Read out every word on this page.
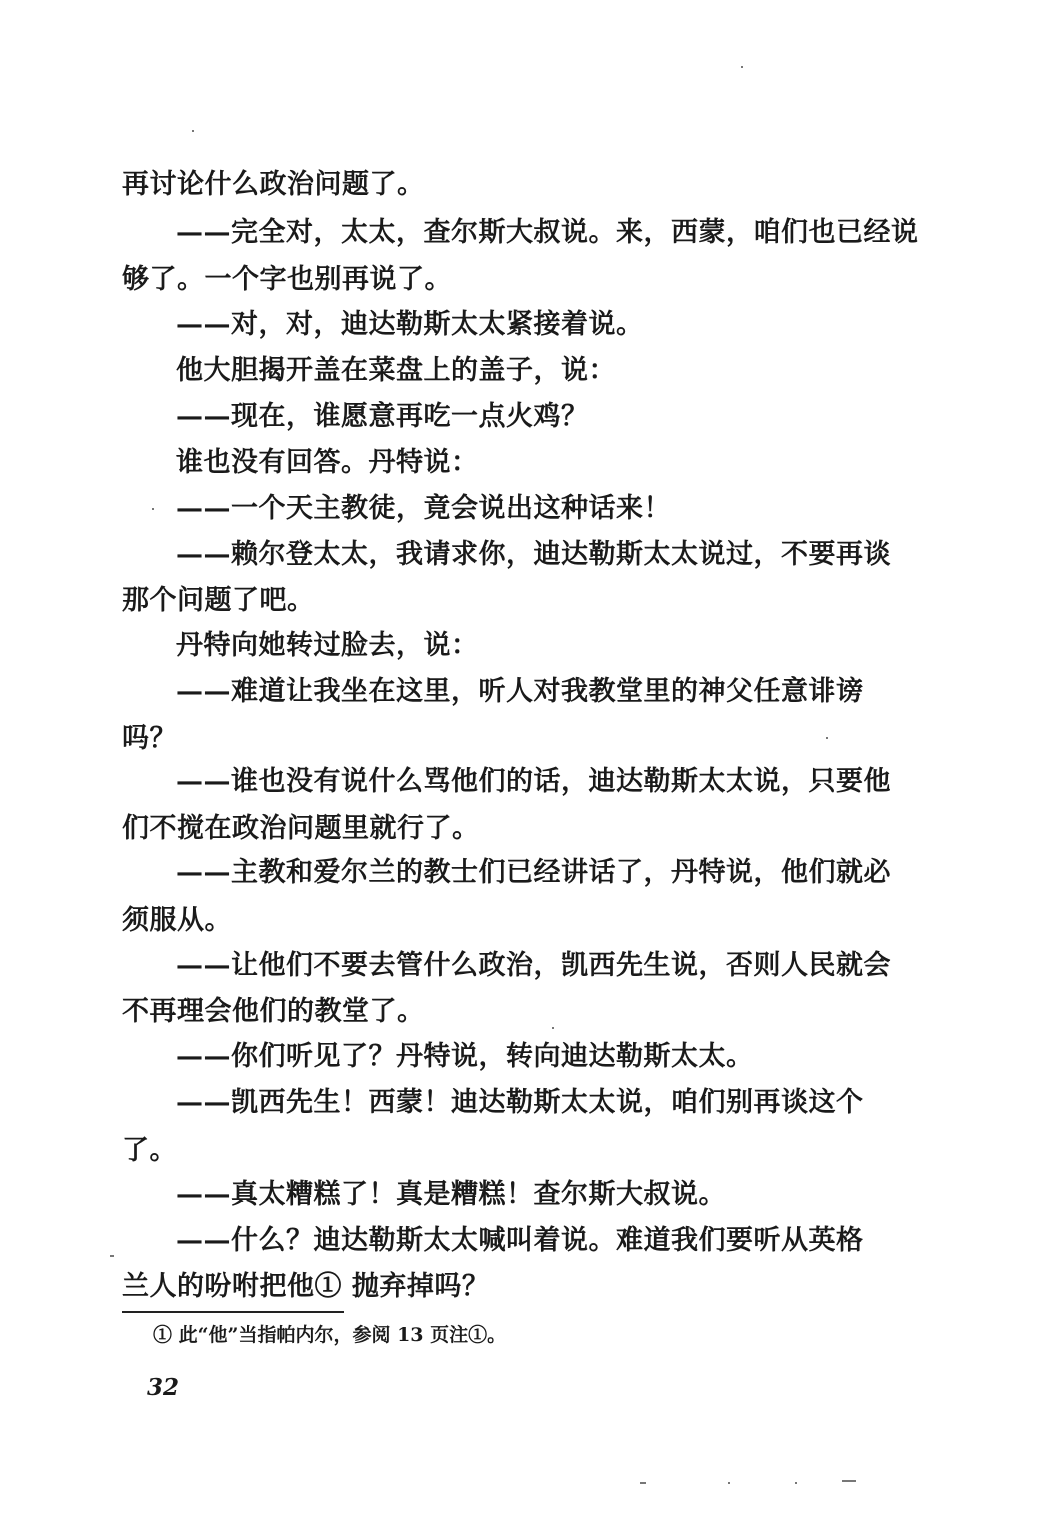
再讨论什么政治问题了。
——完全对，太太，查尔斯大叔说。来，西蒙，咱们也已经说
够了。一个字也别再说了。
——对，对，迪达勒斯太太紧接着说。
他大胆揭开盖在菜盘上的盖子，说：
——现在，谁愿意再吃一点火鸡？
谁也没有回答。丹特说：
——一个天主教徒，竟会说出这种话来！
——赖尔登太太，我请求你，迪达勒斯太太说过，不要再谈
那个问题了吧。
丹特向她转过脸去，说：
——难道让我坐在这里，听人对我教堂里的神父任意诽谤
吗？
——谁也没有说什么骂他们的话，迪达勒斯太太说，只要他
们不搅在政治问题里就行了。
——主教和爱尔兰的教士们已经讲话了，丹特说，他们就必
须服从。
——让他们不要去管什么政治，凯西先生说，否则人民就会
不再理会他们的教堂了。
——你们听见了？丹特说，转向迪达勒斯太太。
——凯西先生！西蒙！迪达勒斯太太说，咱们别再谈这个
了。
——真太糟糕了！真是糟糕！查尔斯大叔说。
——什么？迪达勒斯太太喊叫着说。难道我们要听从英格
兰人的吩咐把他① 抛弃掉吗？
① 此“他”当指帕内尔，参阅 13 页注①。
32
